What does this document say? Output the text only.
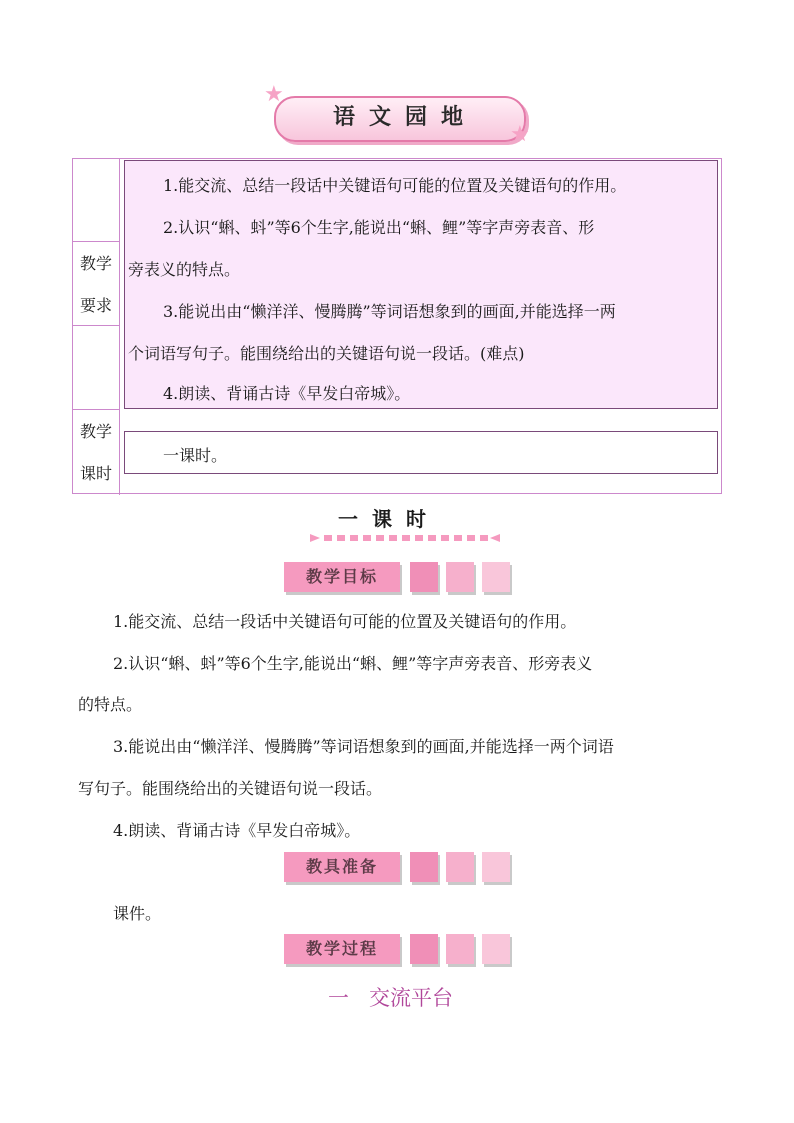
语文园地
★
★
教学
要求
1.能交流、总结一段话中关键语句可能的位置及关键语句的作用。
2.认识“蝌、蚪”等6个生字,能说出“蝌、鲤”等字声旁表音、形
旁表义的特点。
3.能说出由“懒洋洋、慢腾腾”等词语想象到的画面,并能选择一两
个词语写句子。能围绕给出的关键语句说一段话。(难点)
4.朗读、背诵古诗《早发白帝城》。
教学
课时
一课时。
一课时
教学目标
1.能交流、总结一段话中关键语句可能的位置及关键语句的作用。
2.认识“蝌、蚪”等6个生字,能说出“蝌、鲤”等字声旁表音、形旁表义
的特点。
3.能说出由“懒洋洋、慢腾腾”等词语想象到的画面,并能选择一两个词语
写句子。能围绕给出的关键语句说一段话。
4.朗读、背诵古诗《早发白帝城》。
教具准备
课件。
教学过程
一   交流平台
